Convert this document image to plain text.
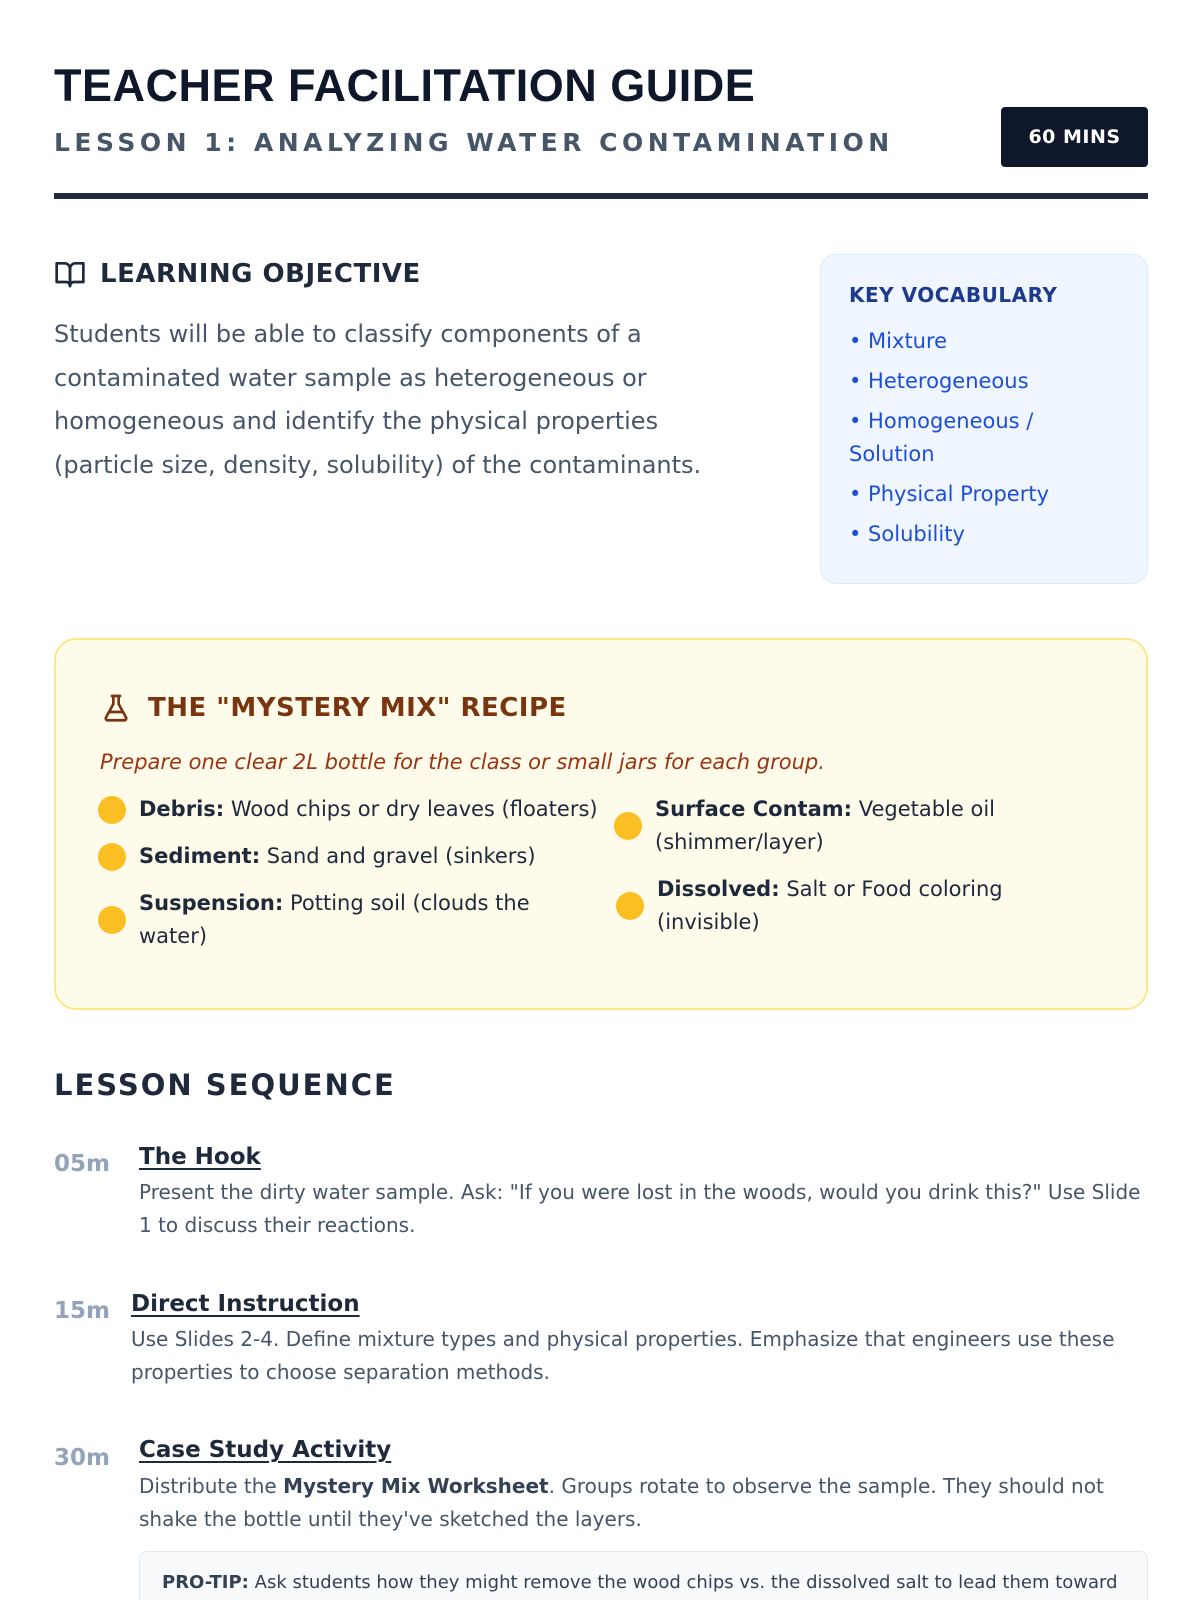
TEACHER FACILITATION GUIDE
LESSON 1: ANALYZING WATER CONTAMINATION	60 MINS
LEARNING OBJECTIVE
Students will be able to classify components of a contaminated water sample as heterogeneous or homogeneous and identify the physical properties (particle size, density, solubility) of the contaminants.
KEY VOCABULARY
• Mixture
• Heterogeneous
• Homogeneous / Solution
• Physical Property
• Solubility
THE "MYSTERY MIX" RECIPE
Prepare one clear 2L bottle for the class or small jars for each group.
Debris: Wood chips or dry leaves (floaters)
Sediment: Sand and gravel (sinkers)
Suspension: Potting soil (clouds the water)
Surface Contam: Vegetable oil (shimmer/layer)
Dissolved: Salt or Food coloring (invisible)
LESSON SEQUENCE
05m The Hook
Present the dirty water sample. Ask: "If you were lost in the woods, would you drink this?" Use Slide 1 to discuss their reactions.
15m Direct Instruction
Use Slides 2-4. Define mixture types and physical properties. Emphasize that engineers use these properties to choose separation methods.
30m Case Study Activity
Distribute the Mystery Mix Worksheet. Groups rotate to observe the sample. They should not shake the bottle until they've sketched the layers.
PRO-TIP: Ask students how they might remove the wood chips vs. the dissolved salt to lead them toward
